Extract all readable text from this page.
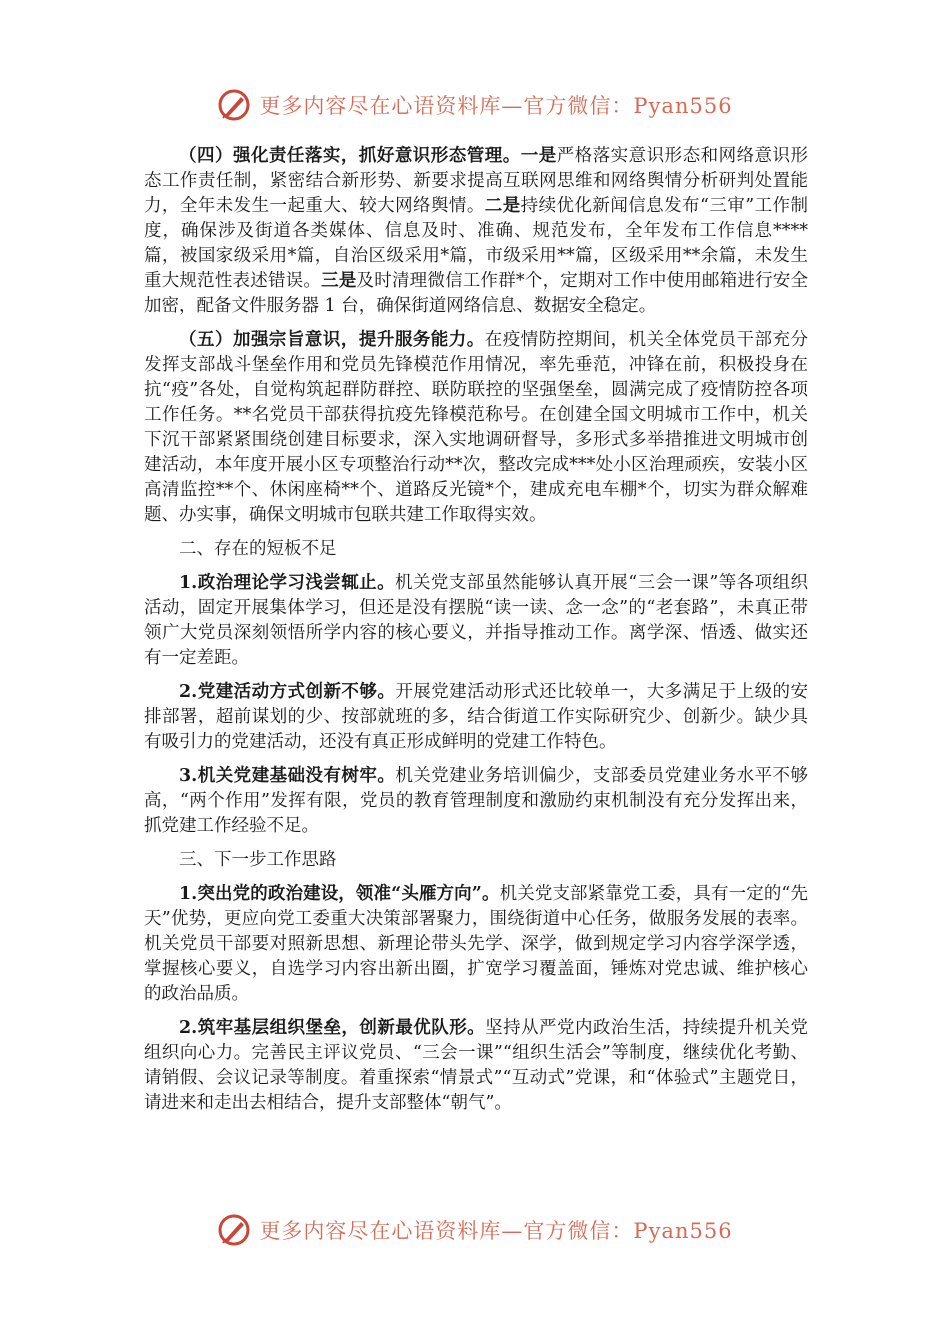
更多内容尽在心语资料库—官方微信：Pyan556

（四）强化责任落实，抓好意识形态管理。一是严格落实意识形态和网络意识形态工作责任制，紧密结合新形势、新要求提高互联网思维和网络舆情分析研判处置能力，全年未发生一起重大、较大网络舆情。二是持续优化新闻信息发布“三审”工作制度，确保涉及街道各类媒体、信息及时、准确、规范发布，全年发布工作信息****篇，被国家级采用*篇，自治区级采用*篇，市级采用**篇，区级采用**余篇，未发生重大规范性表述错误。三是及时清理微信工作群*个，定期对工作中使用邮箱进行安全加密，配备文件服务器 1 台，确保街道网络信息、数据安全稳定。

（五）加强宗旨意识，提升服务能力。在疫情防控期间，机关全体党员干部充分发挥支部战斗堡垒作用和党员先锋模范作用情况，率先垂范，冲锋在前，积极投身在抗“疫”各处，自觉构筑起群防群控、联防联控的坚强堡垒，圆满完成了疫情防控各项工作任务。**名党员干部获得抗疫先锋模范称号。在创建全国文明城市工作中，机关下沉干部紧紧围绕创建目标要求，深入实地调研督导，多形式多举措推进文明城市创建活动，本年度开展小区专项整治行动**次，整改完成***处小区治理顽疾，安装小区高清监控**个、休闲座椅**个、道路反光镜*个，建成充电车棚*个，切实为群众解难题、办实事，确保文明城市包联共建工作取得实效。

二、存在的短板不足

1.政治理论学习浅尝辄止。机关党支部虽然能够认真开展“三会一课”等各项组织活动，固定开展集体学习，但还是没有摆脱“读一读、念一念”的“老套路”，未真正带领广大党员深刻领悟所学内容的核心要义，并指导推动工作。离学深、悟透、做实还有一定差距。

2.党建活动方式创新不够。开展党建活动形式还比较单一，大多满足于上级的安排部署，超前谋划的少、按部就班的多，结合街道工作实际研究少、创新少。缺少具有吸引力的党建活动，还没有真正形成鲜明的党建工作特色。

3.机关党建基础没有树牢。机关党建业务培训偏少，支部委员党建业务水平不够高，“两个作用”发挥有限，党员的教育管理制度和激励约束机制没有充分发挥出来，抓党建工作经验不足。

三、下一步工作思路

1.突出党的政治建设，领准“头雁方向”。机关党支部紧靠党工委，具有一定的“先天”优势，更应向党工委重大决策部署聚力，围绕街道中心任务，做服务发展的表率。机关党员干部要对照新思想、新理论带头先学、深学，做到规定学习内容学深学透，掌握核心要义，自选学习内容出新出圈，扩宽学习覆盖面，锤炼对党忠诚、维护核心的政治品质。

2.筑牢基层组织堡垒，创新最优队形。坚持从严党内政治生活，持续提升机关党组织向心力。完善民主评议党员、“三会一课”“组织生活会”等制度，继续优化考勤、请销假、会议记录等制度。着重探索“情景式”“互动式”党课，和“体验式”主题党日，请进来和走出去相结合，提升支部整体“朝气”。

更多内容尽在心语资料库—官方微信：Pyan556
